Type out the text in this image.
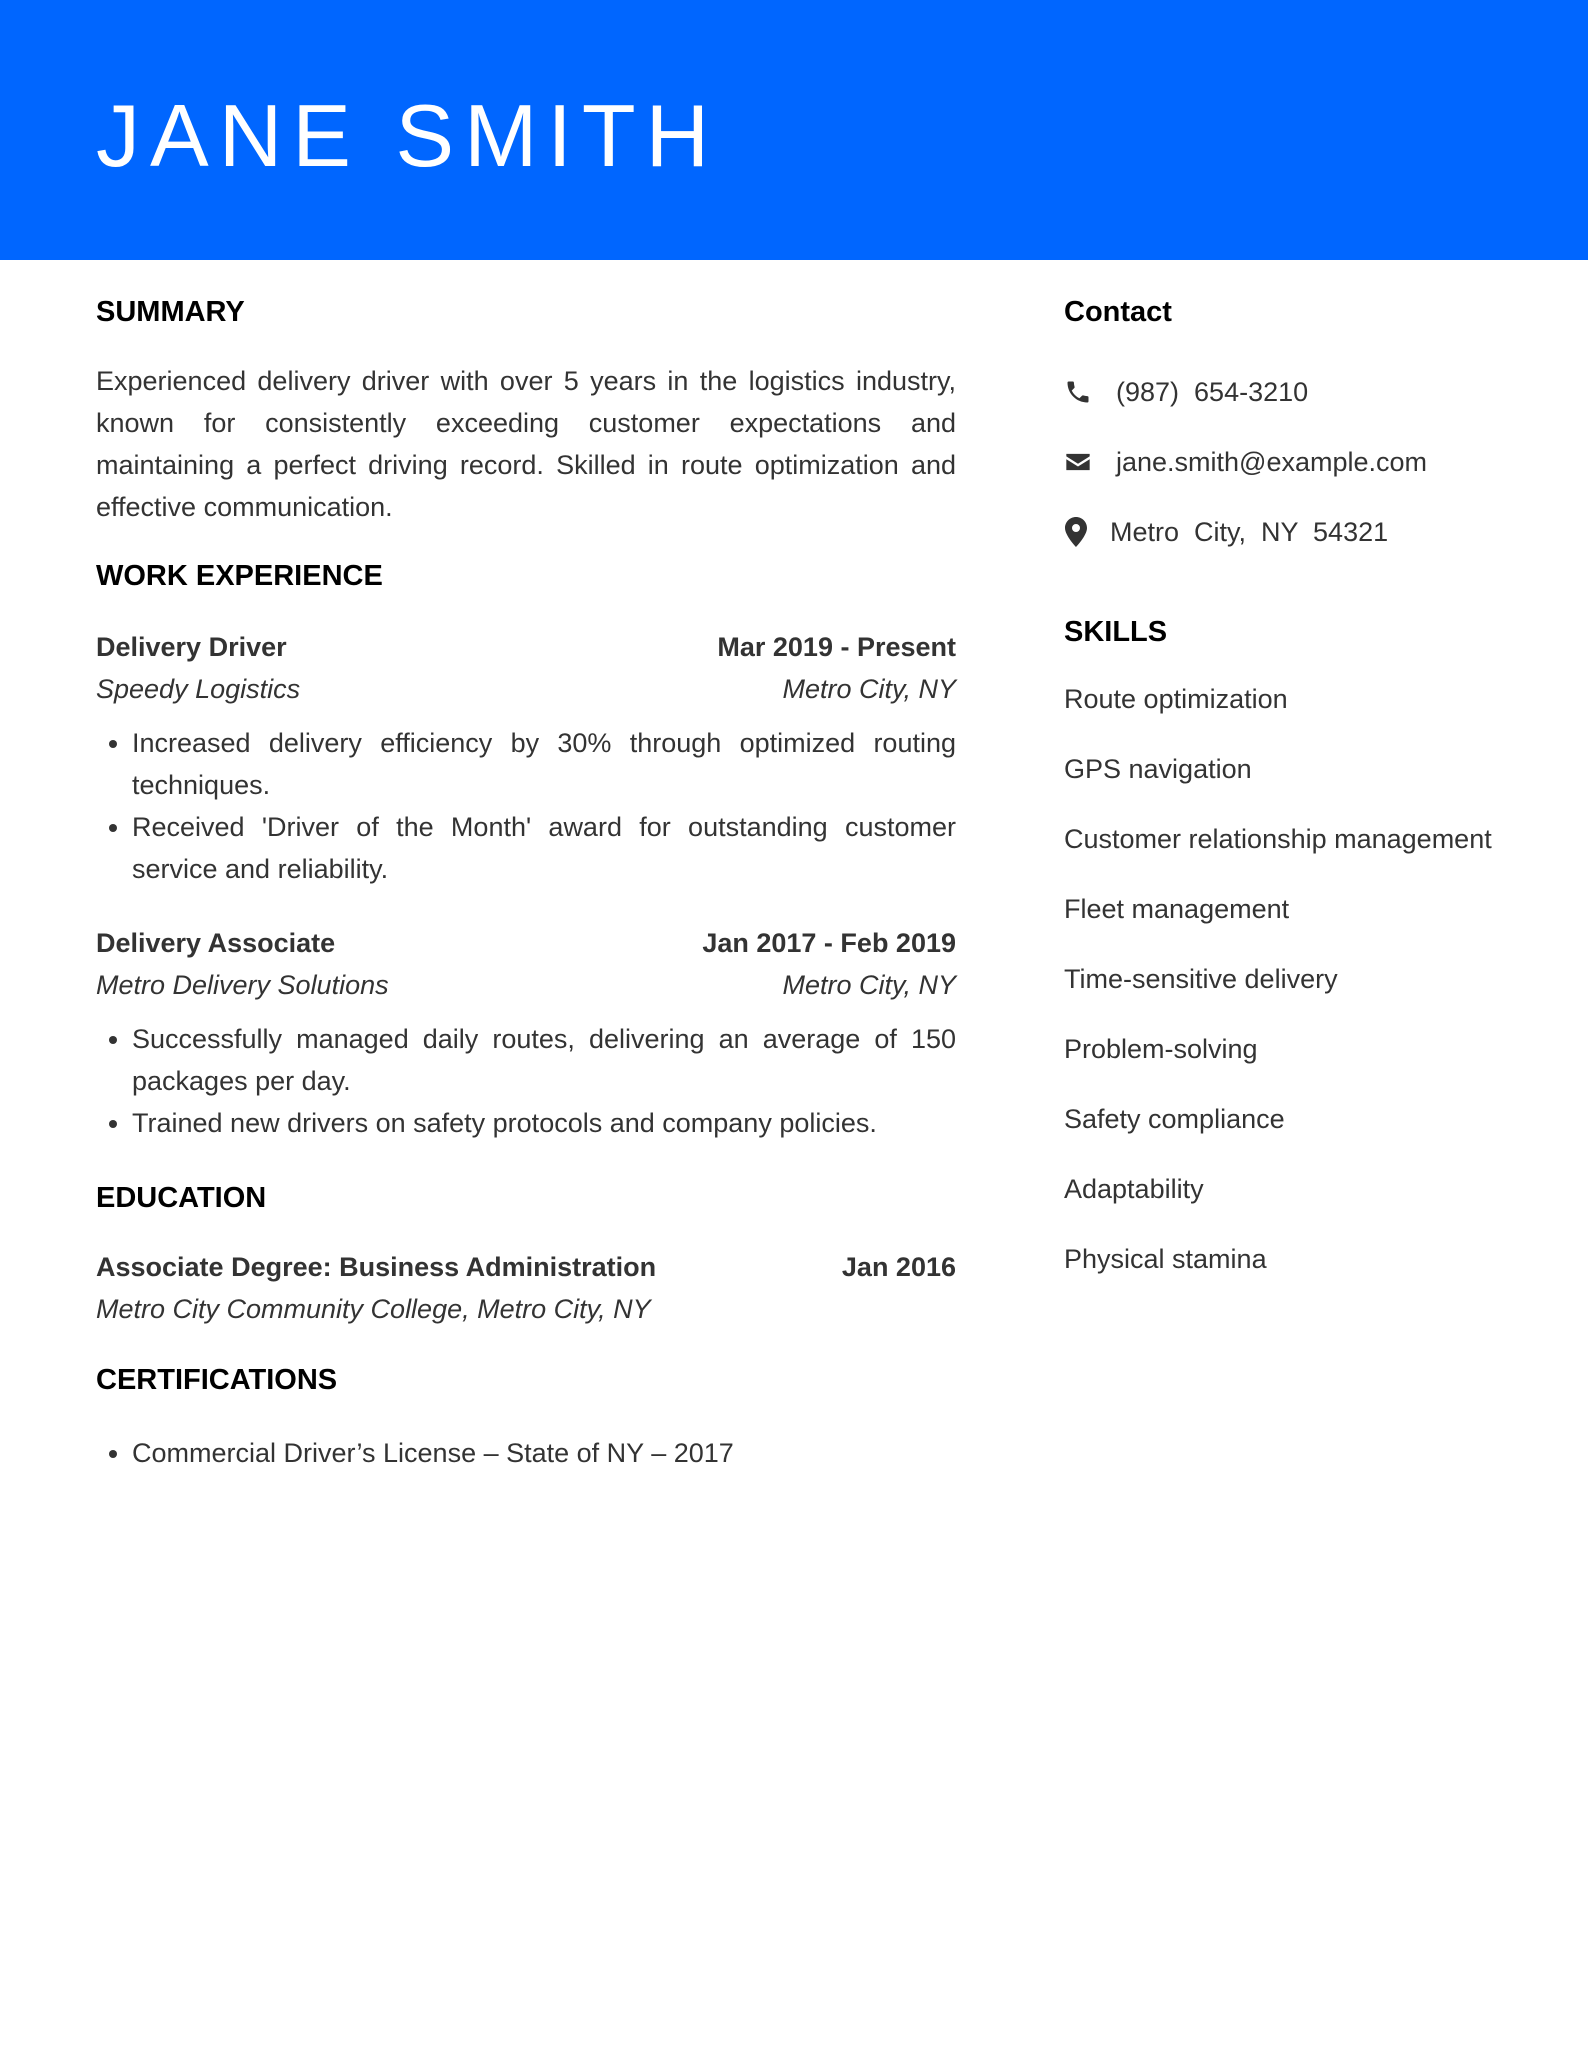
JANE SMITH
SUMMARY

Experienced delivery driver with over 5 years in the logistics industry, known for consistently exceeding customer expectations and maintaining a perfect driving record. Skilled in route optimization and effective communication.

WORK EXPERIENCE
Delivery Driver	Mar 2019 - Present
Speedy Logistics	Metro City, NY
• Increased delivery efficiency by 30% through optimized routing techniques.
• Received 'Driver of the Month' award for outstanding customer service and reliability.
Delivery Associate	Jan 2017 - Feb 2019
Metro Delivery Solutions	Metro City, NY
• Successfully managed daily routes, delivering an average of 150 packages per day.
• Trained new drivers on safety protocols and company policies.
EDUCATION
Associate Degree: Business Administration	Jan 2016
Metro City Community College, Metro City, NY
CERTIFICATIONS
• Commercial Driver’s License – State of NY – 2017
Contact
(987)  654-3210
jane.smith@example.com
Metro  City,  NY  54321
SKILLS

Route optimization

GPS navigation

Customer relationship management

Fleet management

Time-sensitive delivery

Problem-solving

Safety compliance

Adaptability

Physical stamina
